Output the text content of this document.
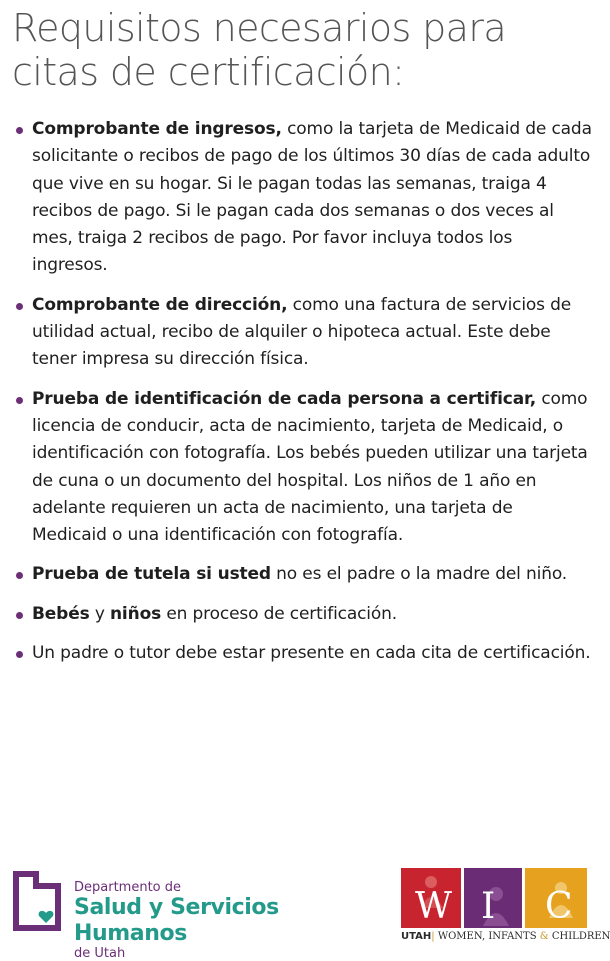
Requisitos necesarios para citas de certificación:
Comprobante de ingresos, como la tarjeta de Medicaid de cada solicitante o recibos de pago de los últimos 30 días de cada adulto que vive en su hogar. Si le pagan todas las semanas, traiga 4 recibos de pago. Si le pagan cada dos semanas o dos veces al mes, traiga 2 recibos de pago. Por favor incluya todos los ingresos.
Comprobante de dirección, como una factura de servicios de utilidad actual, recibo de alquiler o hipoteca actual. Este debe tener impresa su dirección física.
Prueba de identificación de cada persona a certificar, como licencia de conducir, acta de nacimiento, tarjeta de Medicaid, o identificación con fotografía. Los bebés pueden utilizar una tarjeta de cuna o un documento del hospital. Los niños de 1 año en adelante requieren un acta de nacimiento, una tarjeta de Medicaid o una identificación con fotografía.
Prueba de tutela si usted no es el padre o la madre del niño.
Bebés y niños en proceso de certificación.
Un padre o tutor debe estar presente en cada cita de certificación.
Departmento de
Salud y Servicios Humanos
de Utah
W I C
UTAH| WOMEN, INFANTS & CHILDREN
